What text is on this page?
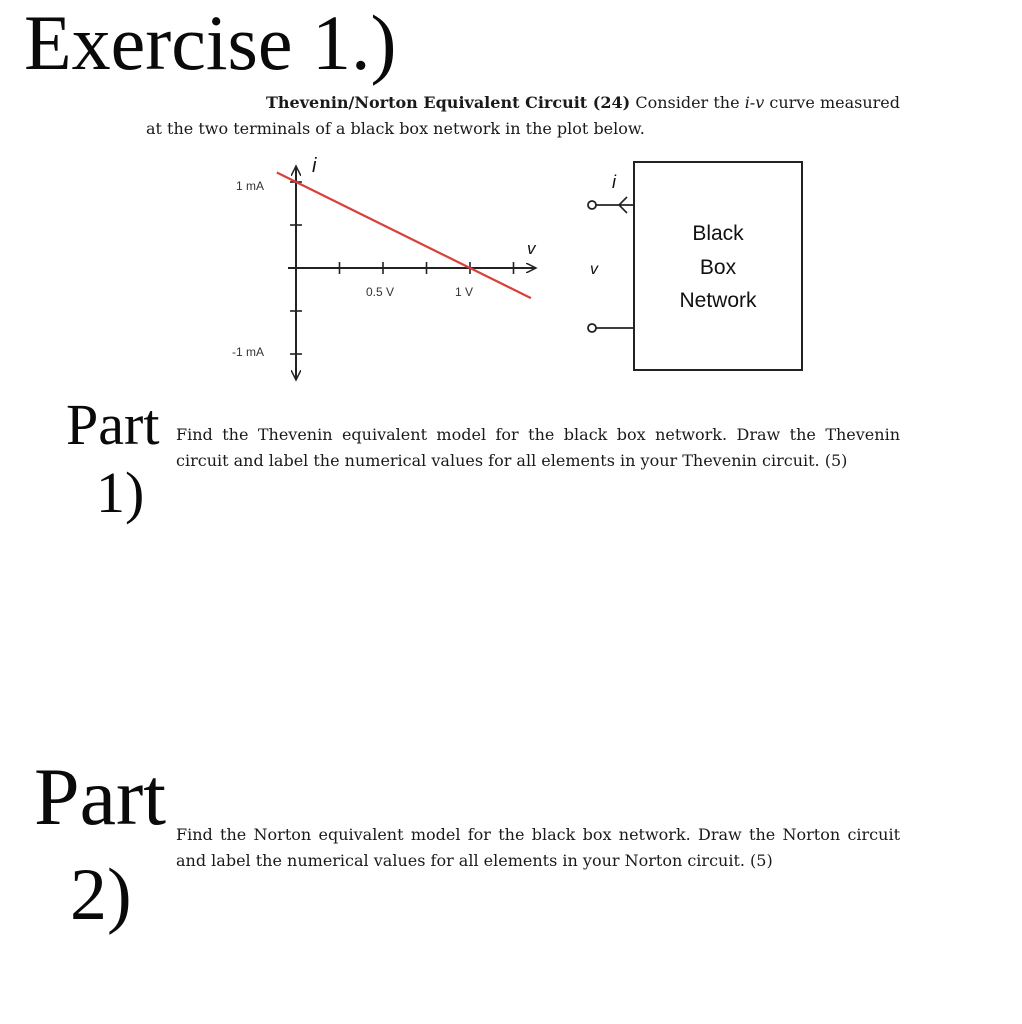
Exercise 1.)
Thevenin/Norton Equivalent Circuit (24) Consider the i-v curve measured at the two terminals of a black box network in the plot below.
i
v
1 mA
-1 mA
0.5 V	1 V
i
v
Black
Box
Network
Part
1)
Find the Thevenin equivalent model for the black box network. Draw the Thevenin circuit and label the numerical values for all elements in your Thevenin circuit. (5)
Part
2)
Find the Norton equivalent model for the black box network. Draw the Norton circuit and label the numerical values for all elements in your Norton circuit. (5)
